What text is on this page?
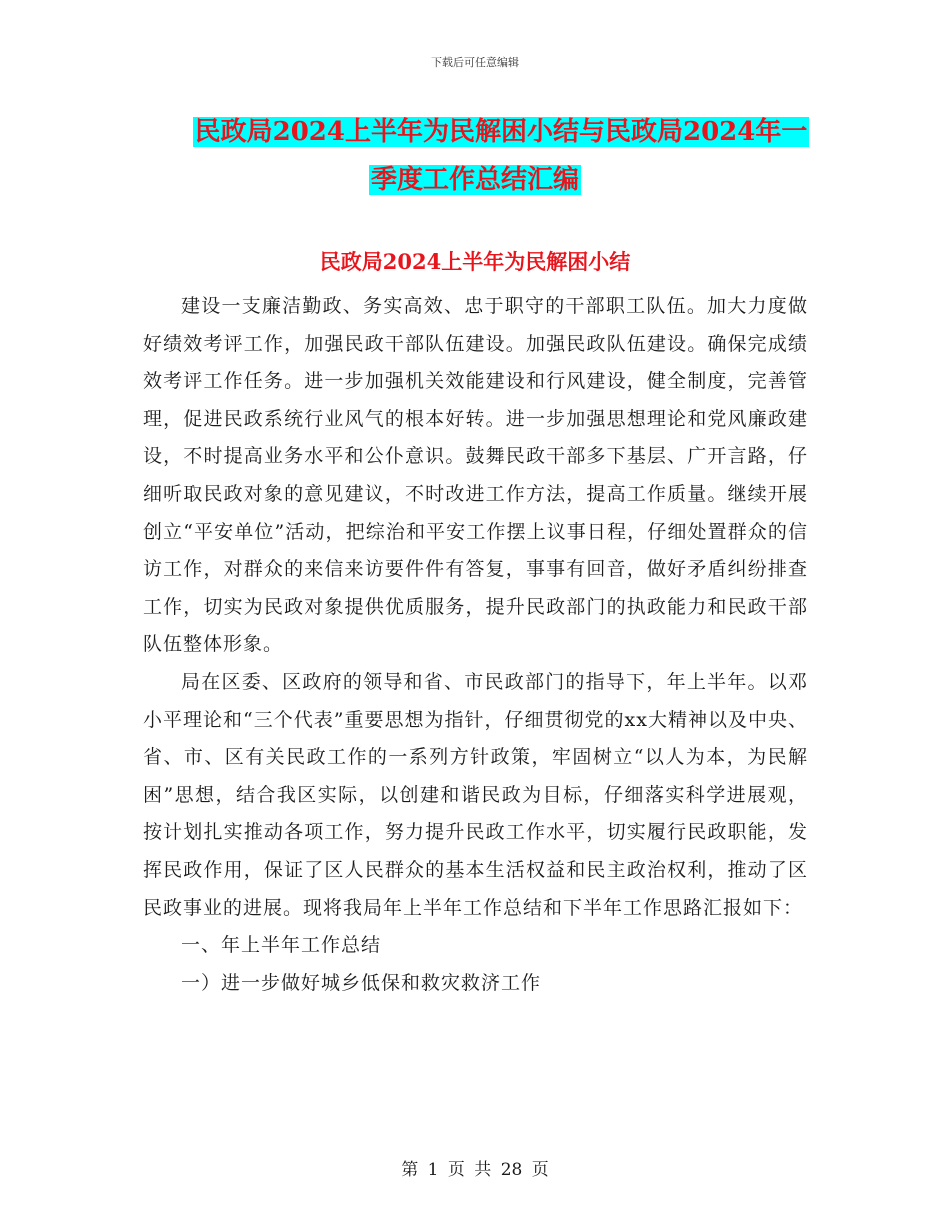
下载后可任意编辑
民政局2024上半年为民解困小结与民政局2024年一
季度工作总结汇编
民政局2024上半年为民解困小结

建设一支廉洁勤政、务实高效、忠于职守的干部职工队伍。加大力度做好绩效考评工作，加强民政干部队伍建设。加强民政队伍建设。确保完成绩效考评工作任务。进一步加强机关效能建设和行风建设，健全制度，完善管理，促进民政系统行业风气的根本好转。进一步加强思想理论和党风廉政建设，不时提高业务水平和公仆意识。鼓舞民政干部多下基层、广开言路，仔细听取民政对象的意见建议，不时改进工作方法，提高工作质量。继续开展创立“平安单位”活动，把综治和平安工作摆上议事日程，仔细处置群众的信访工作，对群众的来信来访要件件有答复，事事有回音，做好矛盾纠纷排查工作，切实为民政对象提供优质服务，提升民政部门的执政能力和民政干部队伍整体形象。

局在区委、区政府的领导和省、市民政部门的指导下，年上半年。以邓小平理论和“三个代表”重要思想为指针，仔细贯彻党的xx大精神以及中央、省、市、区有关民政工作的一系列方针政策，牢固树立“以人为本，为民解困”思想，结合我区实际，以创建和谐民政为目标，仔细落实科学进展观，按计划扎实推动各项工作，努力提升民政工作水平，切实履行民政职能，发挥民政作用，保证了区人民群众的基本生活权益和民主政治权利，推动了区民政事业的进展。现将我局年上半年工作总结和下半年工作思路汇报如下：

一、年上半年工作总结

一）进一步做好城乡低保和救灾救济工作

第 1 页 共 28 页
